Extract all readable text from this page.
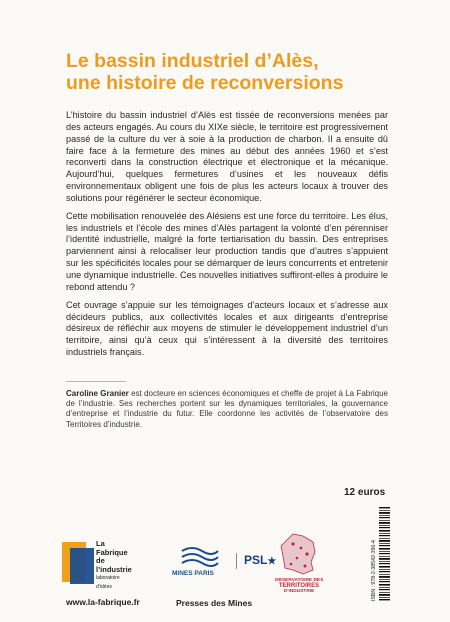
Le bassin industriel d’Alès,
une histoire de reconversions

L’histoire du bassin industriel d’Alès est tissée de reconversions menées par des acteurs engagés. Au cours du XIXe siècle, le territoire est progressivement passé de la culture du ver à soie à la production de charbon. Il a ensuite dû faire face à la fermeture des mines au début des années 1960 et s’est reconverti dans la construction électrique et électronique et la mécanique. Aujourd’hui, quelques fermetures d’usines et les nouveaux défis environnementaux obligent une fois de plus les acteurs locaux à trouver des solutions pour régénérer le secteur économique.

Cette mobilisation renouvelée des Alésiens est une force du territoire. Les élus, les industriels et l’école des mines d’Alès partagent la volonté d’en pérenniser l’identité industrielle, malgré la forte tertiarisation du bassin. Des entreprises parviennent ainsi à relocaliser leur production tandis que d’autres s’appuient sur les spécificités locales pour se démarquer de leurs concurrents et entretenir une dynamique industrielle. Ces nouvelles initiatives suffiront-elles à produire le rebond attendu ?

Cet ouvrage s’appuie sur les témoignages d’acteurs locaux et s’adresse aux décideurs publics, aux collectivités locales et aux dirigeants d’entreprise désireux de réfléchir aux moyens de stimuler le développement industriel d’un territoire, ainsi qu’à ceux qui s’intéressent à la diversité des territoires industriels français.

Caroline Granier est docteure en sciences économiques et cheffe de projet à La Fabrique de l’industrie. Ses recherches portent sur les dynamiques territoriales, la gouvernance d’entreprise et l’industrie du futur. Elle coordonne les activités de l’observatoire des Territoires d’industrie.
12 euros
ISBN : 978-2-38542-396-4
La
Fabrique
de l’industrie
laboratoire d’idées
www.la-fabrique.fr
MINES PARIS
PSL★
Presses des Mines
OBSERVATOIRE DES
TERRITOIRES
D’INDUSTRIE
